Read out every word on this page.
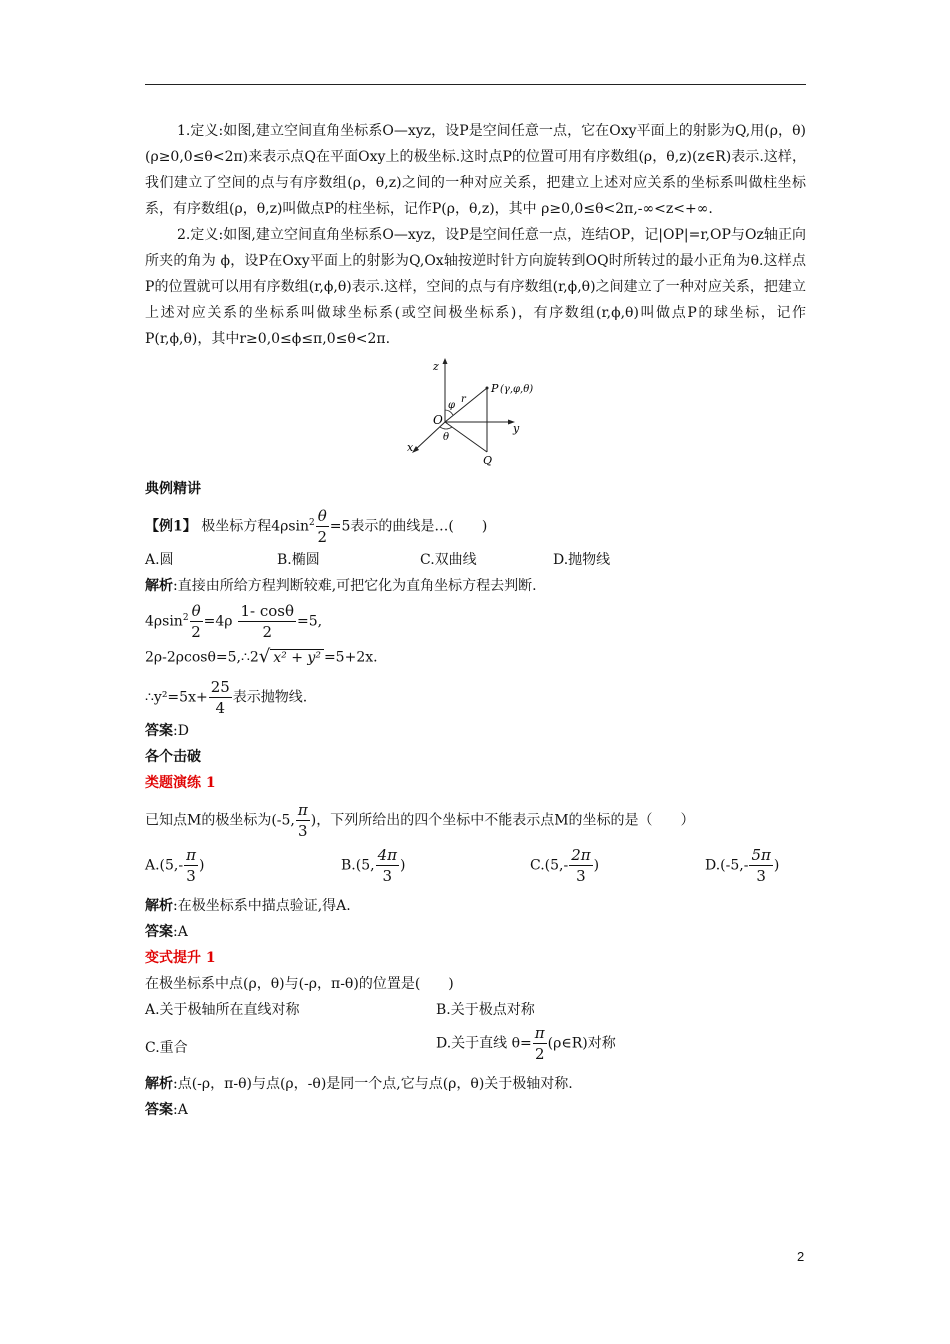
1.定义:如图,建立空间直角坐标系O—xyz，设P是空间任意一点，它在Oxy平面上的射影为Q,用(ρ，θ)(ρ≥0,0≤θ<2π)来表示点Q在平面Oxy上的极坐标.这时点P的位置可用有序数组(ρ，θ,z)(z∈R)表示.这样，我们建立了空间的点与有序数组(ρ，θ,z)之间的一种对应关系，把建立上述对应关系的坐标系叫做柱坐标系，有序数组(ρ，θ,z)叫做点P的柱坐标，记作P(ρ，θ,z)，其中 ρ≥0,0≤θ<2π,-∞<z<+∞.

2.定义:如图,建立空间直角坐标系O—xyz，设P是空间任意一点，连结OP，记|OP|=r,OP与Oz轴正向所夹的角为 ϕ，设P在Oxy平面上的射影为Q,Ox轴按逆时针方向旋转到OQ时所转过的最小正角为θ.这样点P的位置就可以用有序数组(r,ϕ,θ)表示.这样，空间的点与有序数组(r,ϕ,θ)之间建立了一种对应关系，把建立上述对应关系的坐标系叫做球坐标系(或空间极坐标系)，有序数组(r,ϕ,θ)叫做点P的球坐标，记作P(r,ϕ,θ)，其中r≥0,0≤ϕ≤π,0≤θ<2π.

z
y
x
O
P (γ,φ,θ)
Q
r
φ
θ
典例精讲
【例1】 极坐标方程$4\rho\sin^2 \frac{\theta}{2} =5$表示的曲线是…(　　)
A.圆	B.椭圆	C.双曲线	D.抛物线
解析:直接由所给方程判断较难,可把它化为直角坐标方程去判断.
$4\rho\sin^2 \frac{\theta}{2} =4\rho \frac{1- \cos\theta}{2} =5$,
2ρ-2ρcosθ=5,∴2√ x² + y² =5+2x.
∴y²=5x+ $\frac{25}{4}$ 表示抛物线.
答案:D
各个击破
类题演练 1
已知点M的极坐标为(-5, $\frac{\pi}{3}$ )，下列所给出的四个坐标中不能表示点M的坐标的是（　　）
$A.(5,- \frac{\pi}{3}$ )	B.(5, $\frac{4\pi}{3}$ )	$C.(5,- \frac{2\pi}{3}$ )	$D.(-5,- \frac{5\pi}{3}$ )
解析:在极坐标系中描点验证,得A.
答案:A
变式提升 1
在极坐标系中点(ρ，θ)与(-ρ，π-θ)的位置是(　　)
A.关于极轴所在直线对称	B.关于极点对称
C.重合	D.关于直线 $\theta= \frac{\pi}{2}$ (ρ∈R)对称
解析:点(-ρ，π-θ)与点(ρ，-θ)是同一个点,它与点(ρ，θ)关于极轴对称.
答案:A
2
